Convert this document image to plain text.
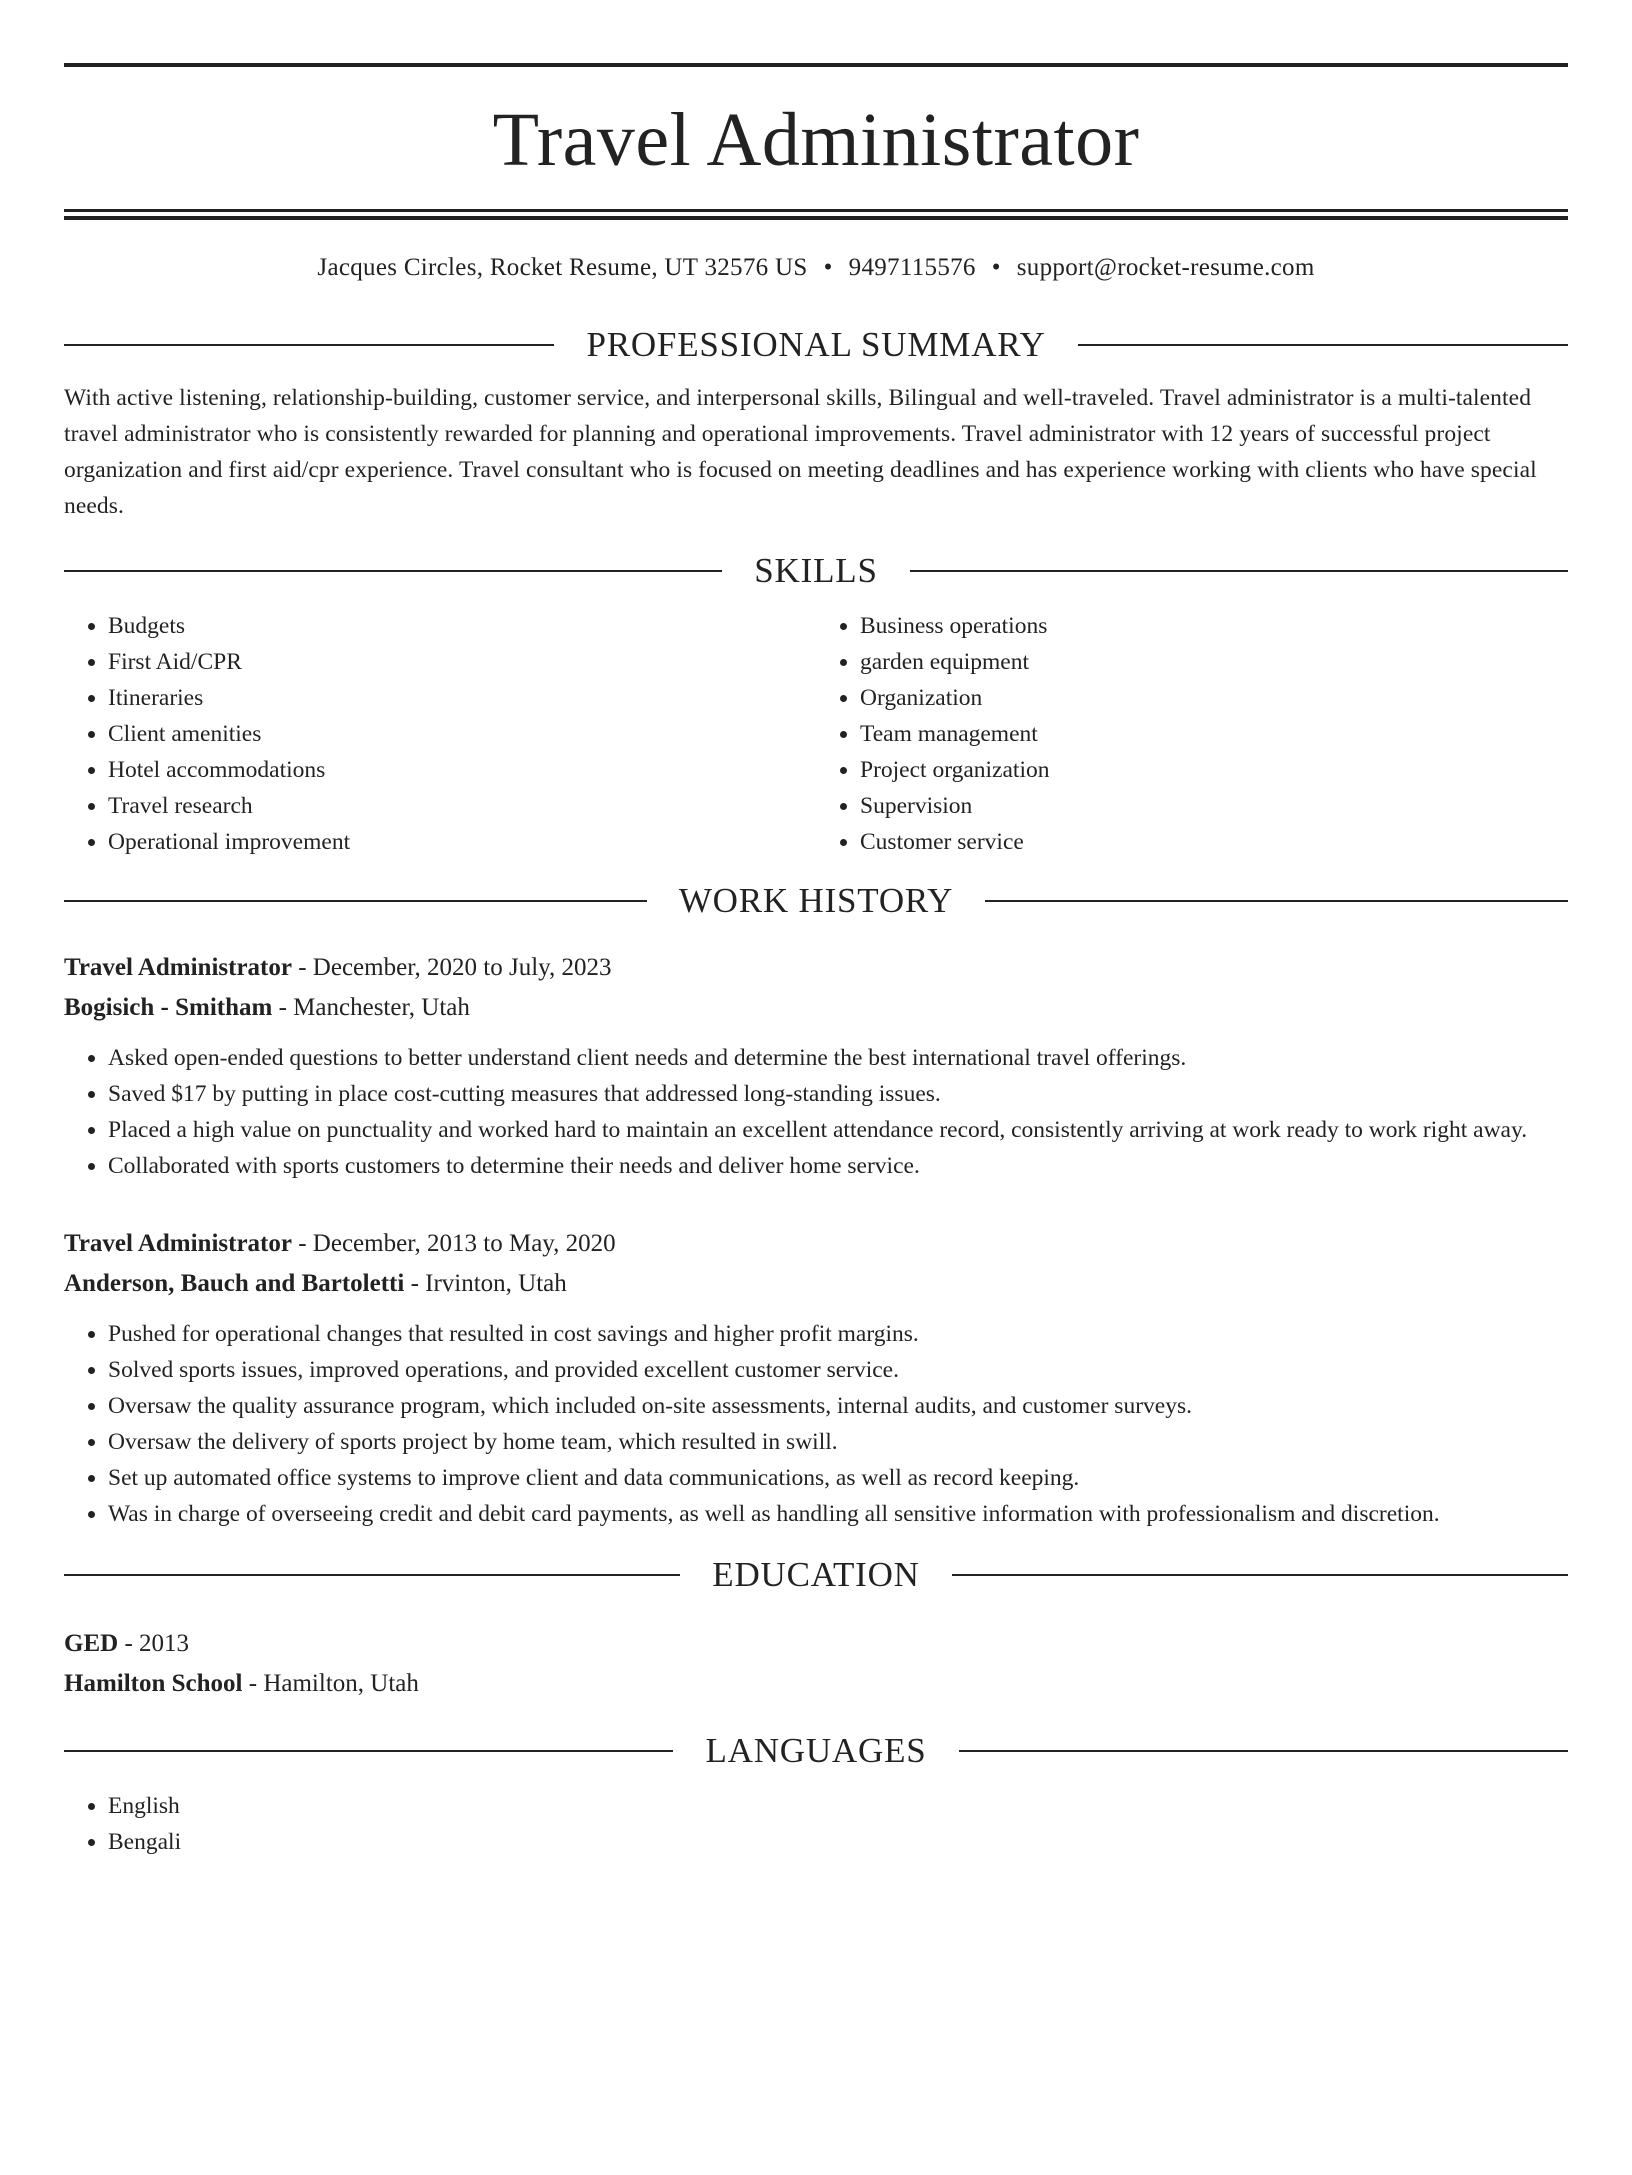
Travel Administrator
Jacques Circles, Rocket Resume, UT 32576 US • 9497115576 • support@rocket-resume.com
PROFESSIONAL SUMMARY
With active listening, relationship-building, customer service, and interpersonal skills, Bilingual and well-traveled. Travel administrator is a multi-talented travel administrator who is consistently rewarded for planning and operational improvements. Travel administrator with 12 years of successful project organization and first aid/cpr experience. Travel consultant who is focused on meeting deadlines and has experience working with clients who have special needs.
SKILLS
• Budgets
• First Aid/CPR
• Itineraries
• Client amenities
• Hotel accommodations
• Travel research
• Operational improvement
• Business operations
• garden equipment
• Organization
• Team management
• Project organization
• Supervision
• Customer service
WORK HISTORY
Travel Administrator - December, 2020 to July, 2023
Bogisich - Smitham - Manchester, Utah
• Asked open-ended questions to better understand client needs and determine the best international travel offerings.
• Saved $17 by putting in place cost-cutting measures that addressed long-standing issues.
• Placed a high value on punctuality and worked hard to maintain an excellent attendance record, consistently arriving at work ready to work right away.
• Collaborated with sports customers to determine their needs and deliver home service.
Travel Administrator - December, 2013 to May, 2020
Anderson, Bauch and Bartoletti - Irvinton, Utah
• Pushed for operational changes that resulted in cost savings and higher profit margins.
• Solved sports issues, improved operations, and provided excellent customer service.
• Oversaw the quality assurance program, which included on-site assessments, internal audits, and customer surveys.
• Oversaw the delivery of sports project by home team, which resulted in swill.
• Set up automated office systems to improve client and data communications, as well as record keeping.
• Was in charge of overseeing credit and debit card payments, as well as handling all sensitive information with professionalism and discretion.
EDUCATION
GED - 2013
Hamilton School - Hamilton, Utah
LANGUAGES
• English
• Bengali
